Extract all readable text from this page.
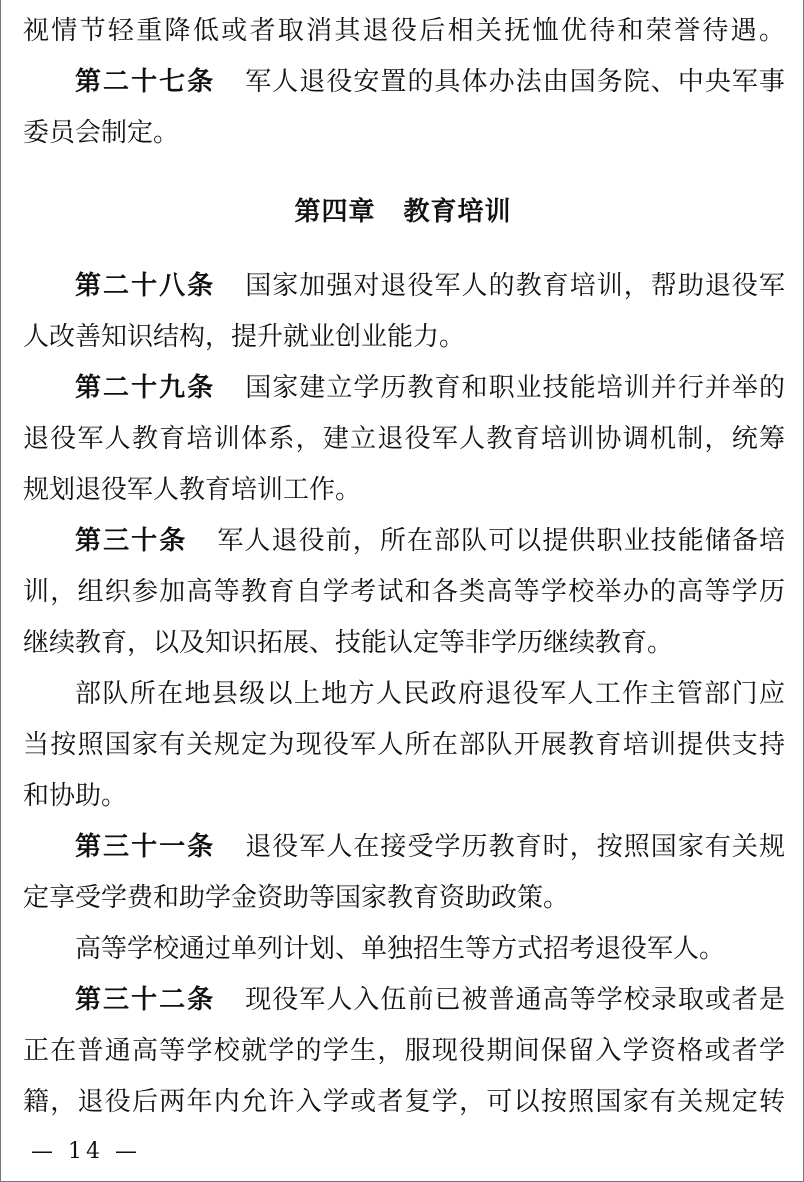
视情节轻重降低或者取消其退役后相关抚恤优待和荣誉待遇。
第二十七条 军人退役安置的具体办法由国务院、中央军事
委员会制定。
第四章 教育培训
第二十八条 国家加强对退役军人的教育培训，帮助退役军
人改善知识结构，提升就业创业能力。
第二十九条 国家建立学历教育和职业技能培训并行并举的
退役军人教育培训体系，建立退役军人教育培训协调机制，统筹
规划退役军人教育培训工作。
第三十条 军人退役前，所在部队可以提供职业技能储备培
训，组织参加高等教育自学考试和各类高等学校举办的高等学历
继续教育，以及知识拓展、技能认定等非学历继续教育。
部队所在地县级以上地方人民政府退役军人工作主管部门应
当按照国家有关规定为现役军人所在部队开展教育培训提供支持
和协助。
第三十一条 退役军人在接受学历教育时，按照国家有关规
定享受学费和助学金资助等国家教育资助政策。
高等学校通过单列计划、单独招生等方式招考退役军人。
第三十二条 现役军人入伍前已被普通高等学校录取或者是
正在普通高等学校就学的学生，服现役期间保留入学资格或者学
籍，退役后两年内允许入学或者复学，可以按照国家有关规定转
— 14 —
